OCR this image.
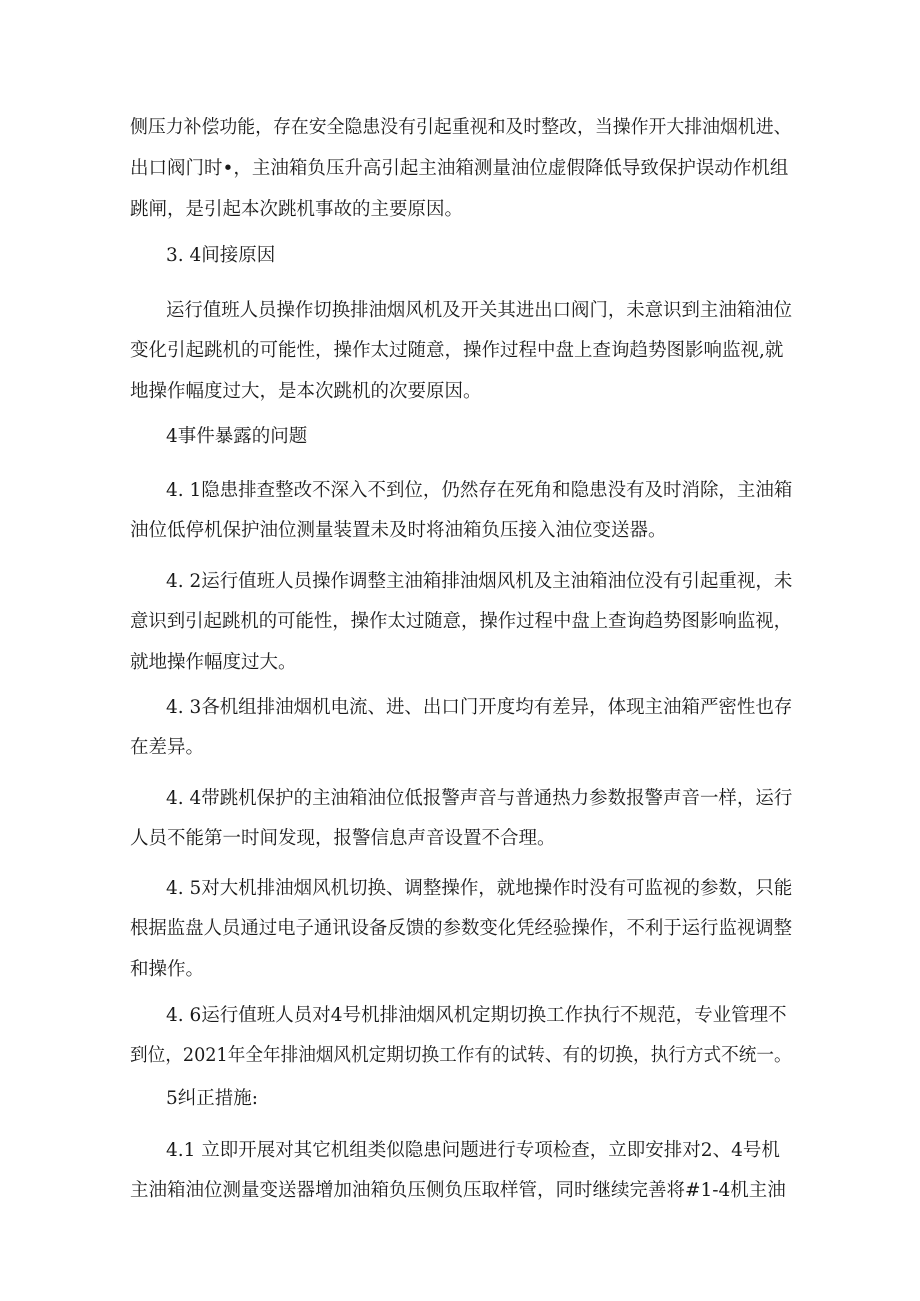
侧压力补偿功能，存在安全隐患没有引起重视和及时整改，当操作开大排油烟机进、
出口阀门时•，主油箱负压升高引起主油箱测量油位虚假降低导致保护误动作机组
跳闸，是引起本次跳机事故的主要原因。
3. 4间接原因
运行值班人员操作切换排油烟风机及开关其进出口阀门，未意识到主油箱油位
变化引起跳机的可能性，操作太过随意，操作过程中盘上查询趋势图影响监视,就
地操作幅度过大，是本次跳机的次要原因。
4事件暴露的问题
4. 1隐患排查整改不深入不到位，仍然存在死角和隐患没有及时消除，主油箱
油位低停机保护油位测量装置未及时将油箱负压接入油位变送器。
4. 2运行值班人员操作调整主油箱排油烟风机及主油箱油位没有引起重视，未
意识到引起跳机的可能性，操作太过随意，操作过程中盘上查询趋势图影响监视，
就地操作幅度过大。
4. 3各机组排油烟机电流、进、出口门开度均有差异，体现主油箱严密性也存
在差异。
4. 4带跳机保护的主油箱油位低报警声音与普通热力参数报警声音一样，运行
人员不能第一时间发现，报警信息声音设置不合理。
4. 5对大机排油烟风机切换、调整操作，就地操作时没有可监视的参数，只能
根据监盘人员通过电子通讯设备反馈的参数变化凭经验操作，不利于运行监视调整
和操作。
4. 6运行值班人员对4号机排油烟风机定期切换工作执行不规范，专业管理不
到位，2021年全年排油烟风机定期切换工作有的试转、有的切换，执行方式不统一。
5纠正措施:
4.1 立即开展对其它机组类似隐患问题进行专项检查，立即安排对2、4号机
主油箱油位测量变送器增加油箱负压侧负压取样管，同时继续完善将#1-4机主油
